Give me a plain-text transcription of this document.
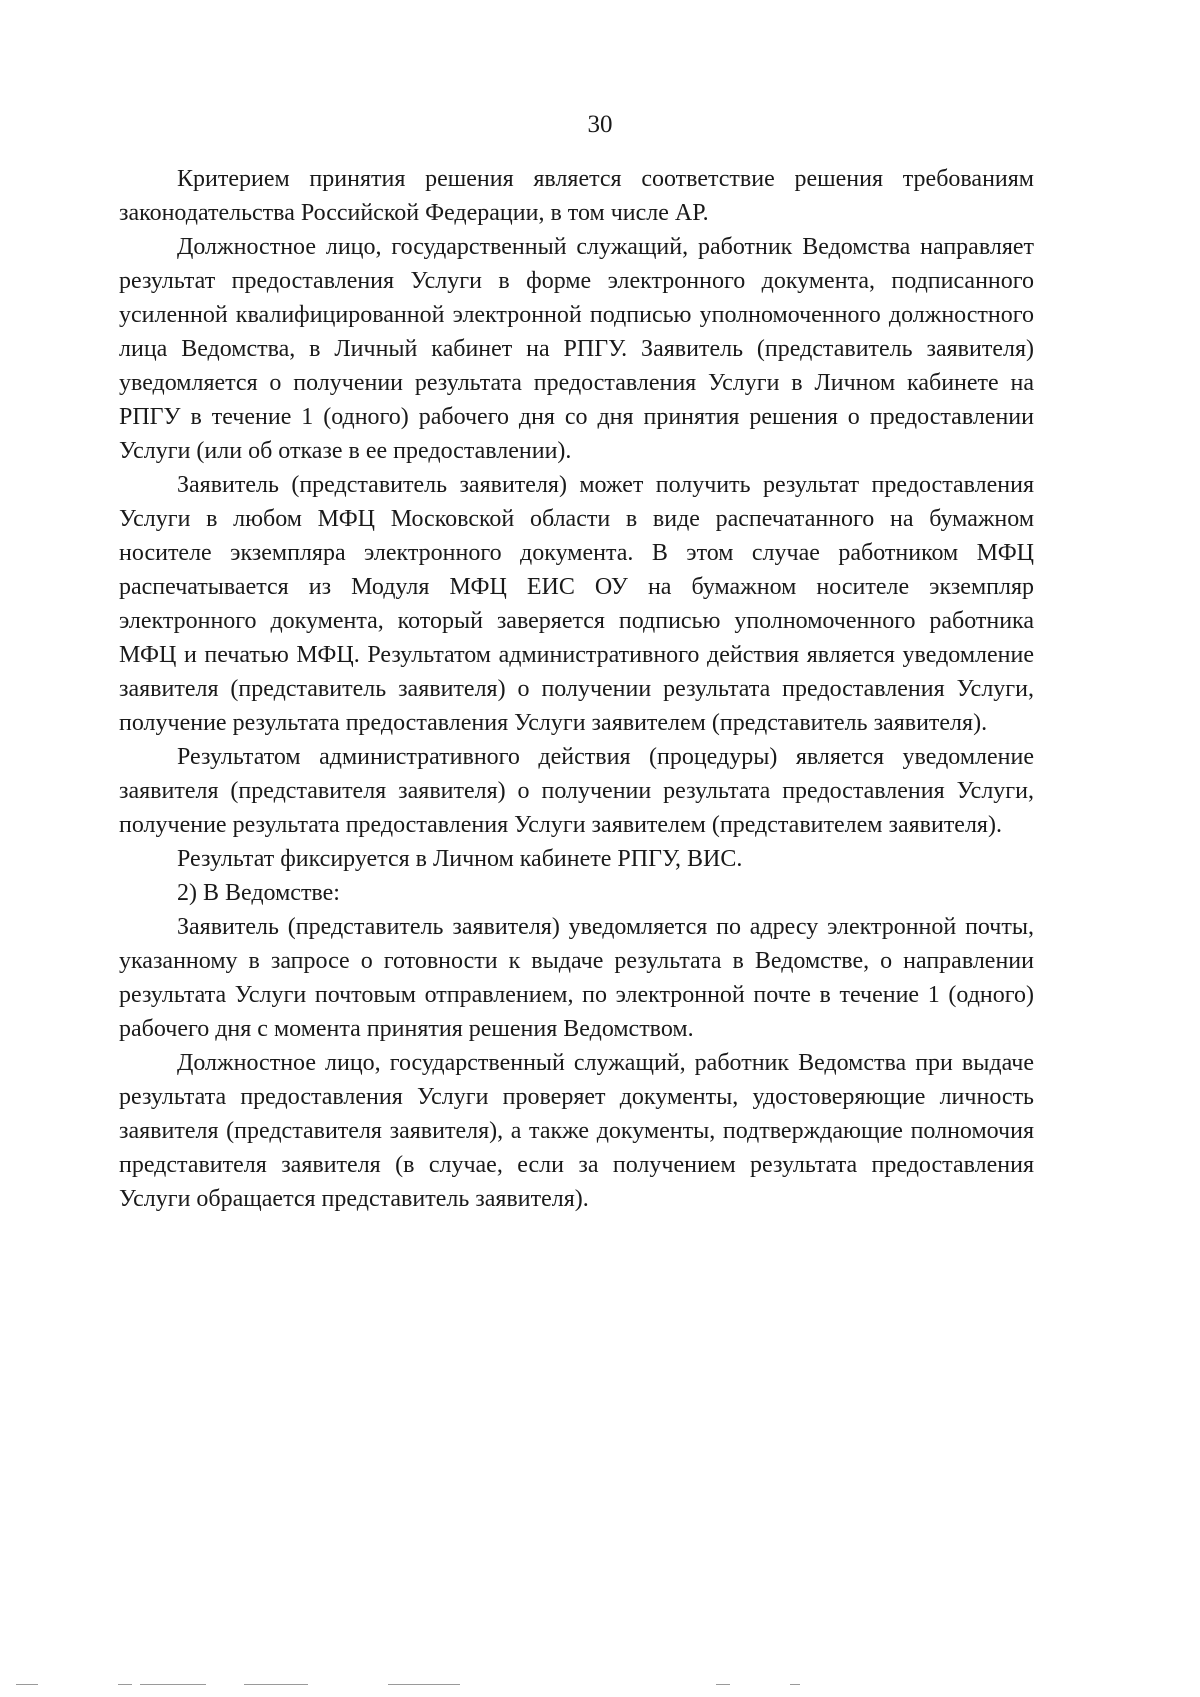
30

Критерием принятия решения является соответствие решения требованиям законодательства Российской Федерации, в том числе АР.

Должностное лицо, государственный служащий, работник Ведомства направляет результат предоставления Услуги в форме электронного документа, подписанного усиленной квалифицированной электронной подписью уполномоченного должностного лица Ведомства, в Личный кабинет на РПГУ. Заявитель (представитель заявителя) уведомляется о получении результата предоставления Услуги в Личном кабинете на РПГУ в течение 1 (одного) рабочего дня со дня принятия решения о предоставлении Услуги (или об отказе в ее предоставлении).

Заявитель (представитель заявителя) может получить результат предоставления Услуги в любом МФЦ Московской области в виде распечатанного на бумажном носителе экземпляра электронного документа. В этом случае работником МФЦ распечатывается из Модуля МФЦ ЕИС ОУ на бумажном носителе экземпляр электронного документа, который заверяется подписью уполномоченного работника МФЦ и печатью МФЦ. Результатом административного действия является уведомление заявителя (представитель заявителя) о получении результата предоставления Услуги, получение результата предоставления Услуги заявителем (представитель заявителя).

Результатом административного действия (процедуры) является уведомление заявителя (представителя заявителя) о получении результата предоставления Услуги, получение результата предоставления Услуги заявителем (представителем заявителя).

Результат фиксируется в Личном кабинете РПГУ, ВИС.

2) В Ведомстве:

Заявитель (представитель заявителя) уведомляется по адресу электронной почты, указанному в запросе о готовности к выдаче результата в Ведомстве, о направлении результата Услуги почтовым отправлением, по электронной почте в течение 1 (одного) рабочего дня с момента принятия решения Ведомством.

Должностное лицо, государственный служащий, работник Ведомства при выдаче результата предоставления Услуги проверяет документы, удостоверяющие личность заявителя (представителя заявителя), а также документы, подтверждающие полномочия представителя заявителя (в случае, если за получением результата предоставления Услуги обращается представитель заявителя).
